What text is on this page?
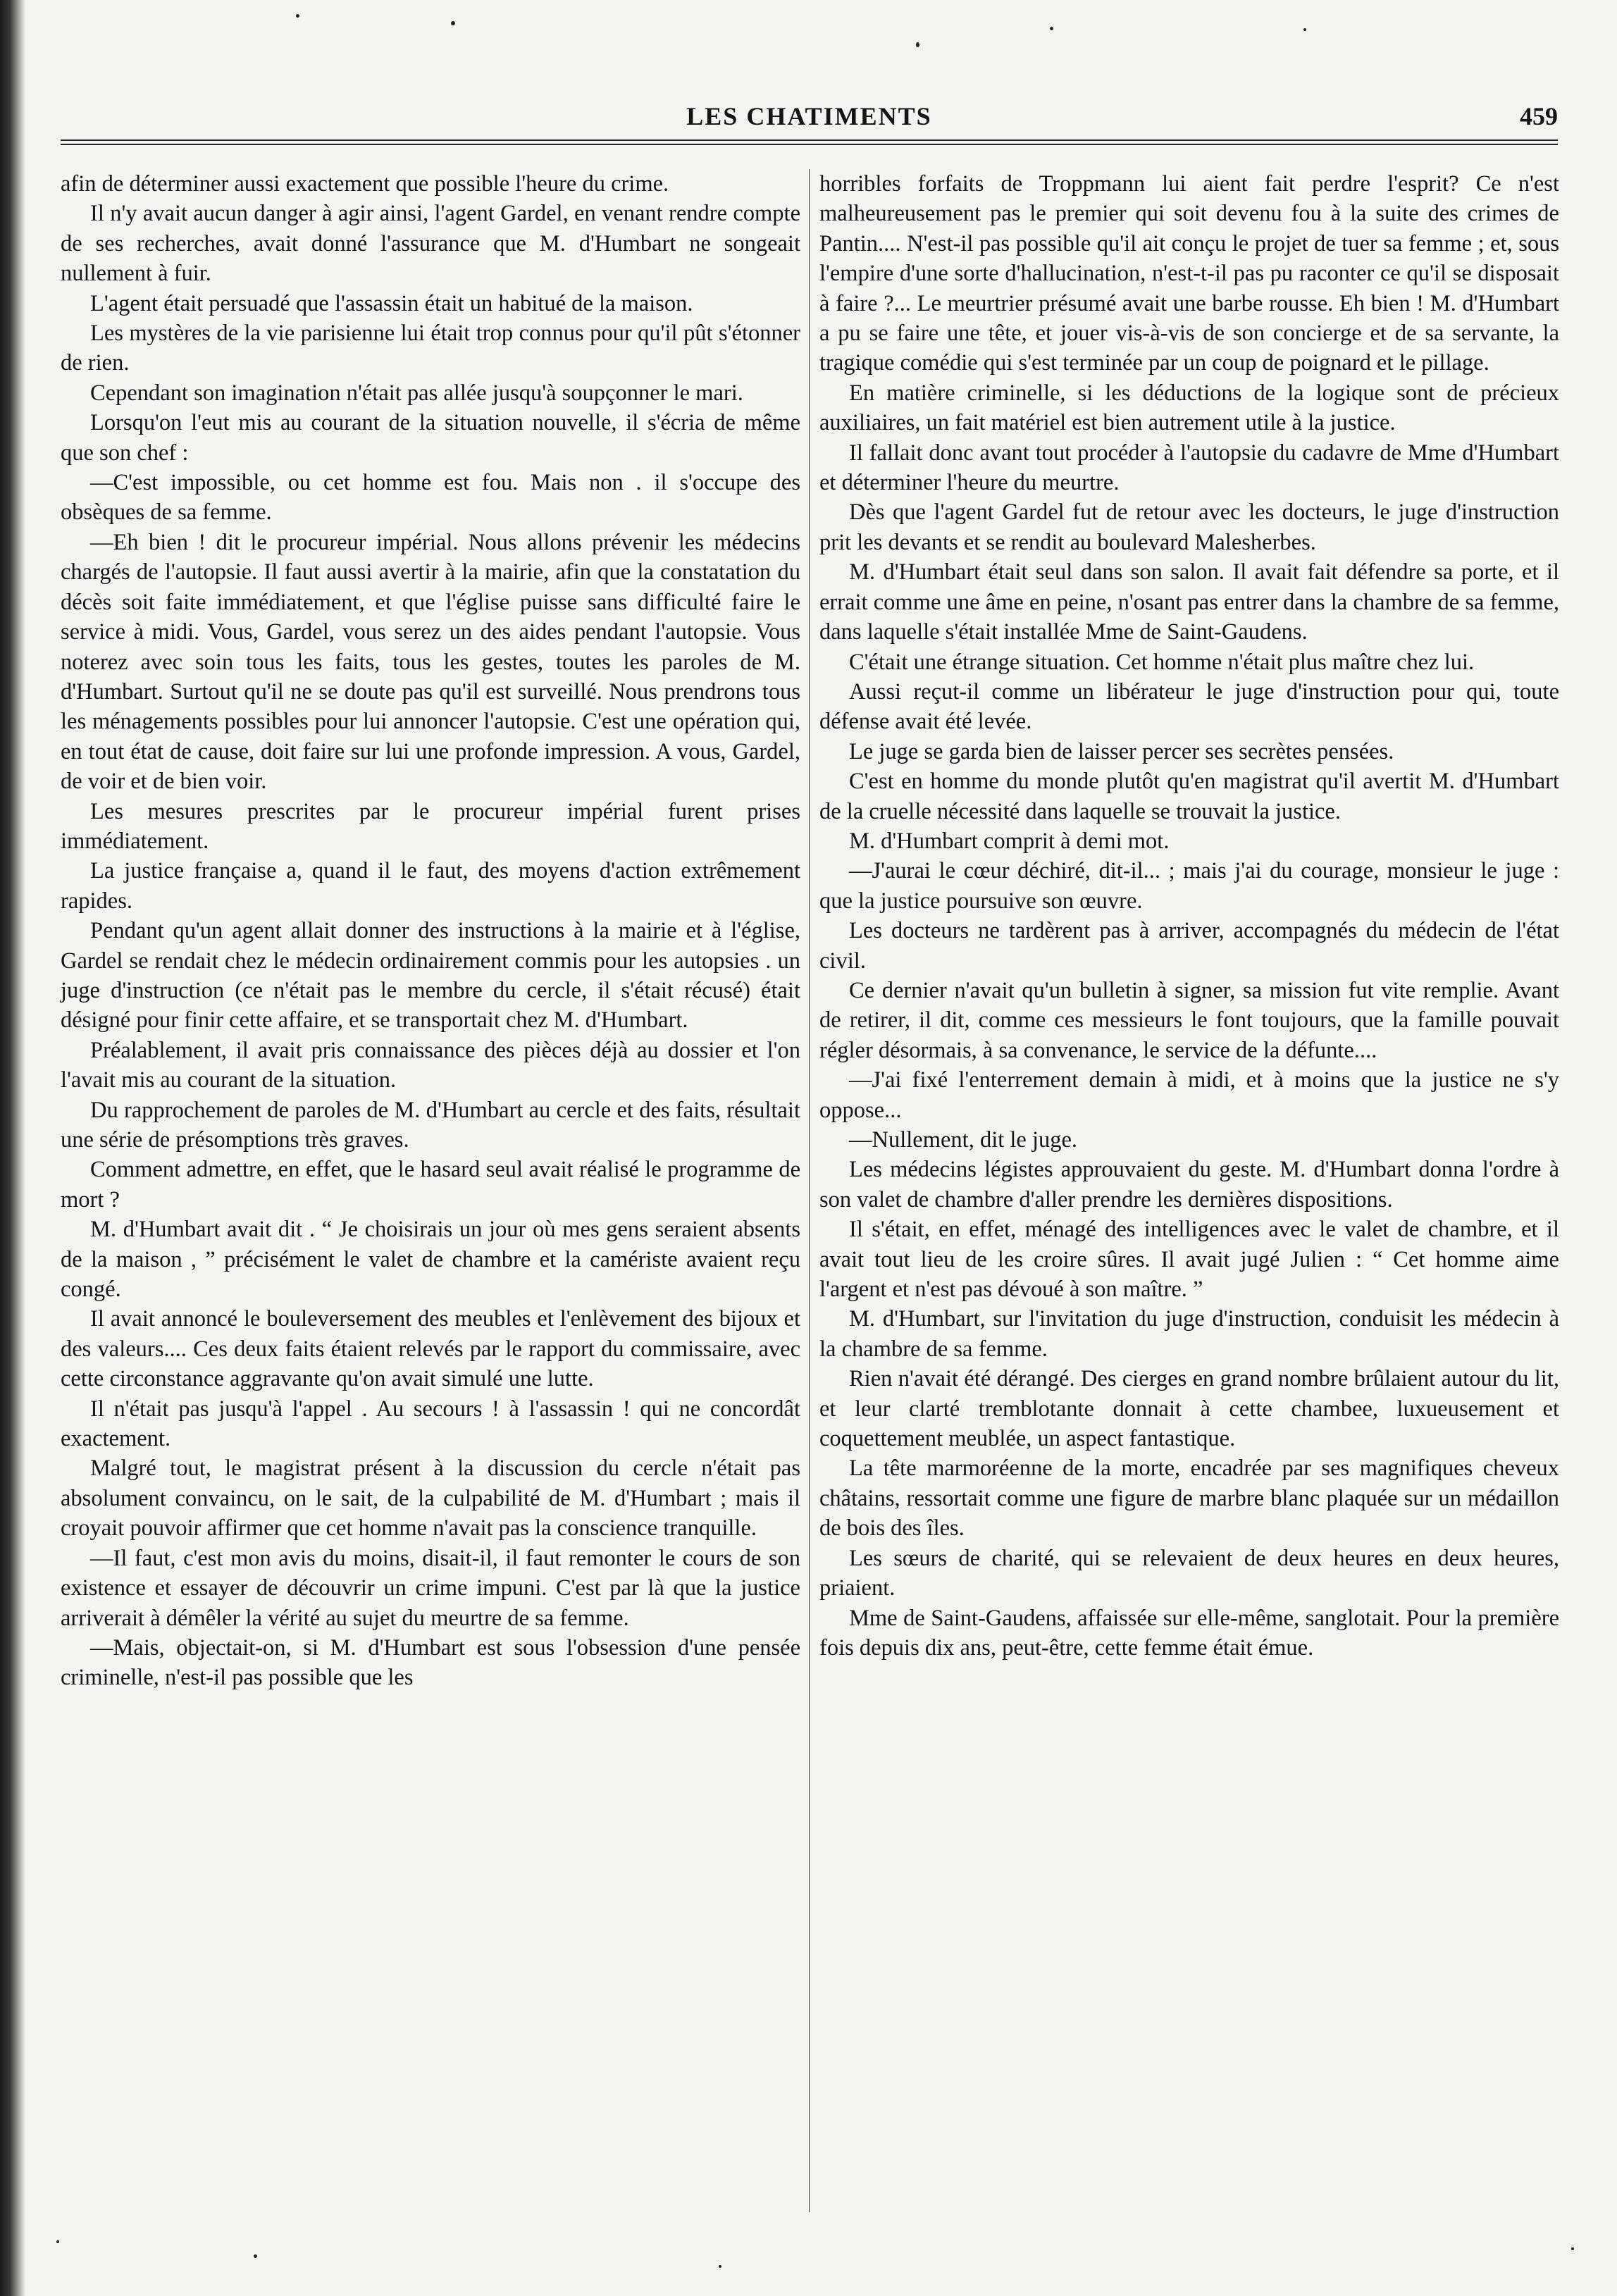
LES CHATIMENTS	459

afin de déterminer aussi exactement que possible l'heure du crime.

Il n'y avait aucun danger à agir ainsi, l'agent Gardel, en venant rendre compte de ses recherches, avait donné l'assurance que M. d'Humbart ne songeait nullement à fuir.

L'agent était persuadé que l'assassin était un habitué de la maison.

Les mystères de la vie parisienne lui était trop connus pour qu'il pût s'étonner de rien.

Cependant son imagination n'était pas allée jusqu'à soupçonner le mari.

Lorsqu'on l'eut mis au courant de la situation nouvelle, il s'écria de même que son chef :

—C'est impossible, ou cet homme est fou. Mais non . il s'occupe des obsèques de sa femme.

—Eh bien ! dit le procureur impérial. Nous allons prévenir les médecins chargés de l'autopsie. Il faut aussi avertir à la mairie, afin que la constatation du décès soit faite immédiatement, et que l'église puisse sans difficulté faire le service à midi. Vous, Gardel, vous serez un des aides pendant l'autopsie. Vous noterez avec soin tous les faits, tous les gestes, toutes les paroles de M. d'Humbart. Surtout qu'il ne se doute pas qu'il est surveillé. Nous prendrons tous les ménagements possibles pour lui annoncer l'autopsie. C'est une opération qui, en tout état de cause, doit faire sur lui une profonde impression. A vous, Gardel, de voir et de bien voir.

Les mesures prescrites par le procureur impérial furent prises immédiatement.

La justice française a, quand il le faut, des moyens d'action extrêmement rapides.

Pendant qu'un agent allait donner des instructions à la mairie et à l'église, Gardel se rendait chez le médecin ordinairement commis pour les autopsies . un juge d'instruction (ce n'était pas le membre du cercle, il s'était récusé) était désigné pour finir cette affaire, et se transportait chez M. d'Humbart.

Préalablement, il avait pris connaissance des pièces déjà au dossier et l'on l'avait mis au courant de la situation.

Du rapprochement de paroles de M. d'Humbart au cercle et des faits, résultait une série de présomptions très graves.

Comment admettre, en effet, que le hasard seul avait réalisé le programme de mort ?

M. d'Humbart avait dit . “ Je choisirais un jour où mes gens seraient absents de la maison , ” précisément le valet de chambre et la caméristе avaient reçu congé.

Il avait annoncé le bouleversement des meubles et l'enlèvement des bijoux et des valeurs.... Ces deux faits étaient relevés par le rapport du commissaire, avec cette circonstance aggravante qu'on avait simulé une lutte.

Il n'était pas jusqu'à l'appel . Au secours ! à l'assassin ! qui ne concordât exactement.

Malgré tout, le magistrat présent à la discussion du cercle n'était pas absolument convaincu, on le sait, de la culpabilité de M. d'Humbart ; mais il croyait pouvoir affirmer que cet homme n'avait pas la conscience tranquille.

—Il faut, c'est mon avis du moins, disait-il, il faut remonter le cours de son existence et essayer de découvrir un crime impuni. C'est par là que la justice arriverait à démêler la vérité au sujet du meurtre de sa femme.

—Mais, objectait-on, si M. d'Humbart est sous l'obsession d'une pensée criminelle, n'est-il pas possible que les

horribles forfaits de Troppmann lui aient fait perdre l'esprit? Ce n'est malheureusement pas le premier qui soit devenu fou à la suite des crimes de Pantin.... N'est-il pas possible qu'il ait conçu le projet de tuer sa femme ; et, sous l'empire d'une sorte d'hallucination, n'est-t-il pas pu raconter ce qu'il se disposait à faire ?... Le meurtrier présumé avait une barbe rousse. Eh bien ! M. d'Humbart a pu se faire une tête, et jouer vis-à-vis de son concierge et de sa servante, la tragique comédie qui s'est terminée par un coup de poignard et le pillage.

En matière criminelle, si les déductions de la logique sont de précieux auxiliaires, un fait matériel est bien autrement utile à la justice.

Il fallait donc avant tout procéder à l'autopsie du cadavre de Mme d'Humbart et déterminer l'heure du meurtre.

Dès que l'agent Gardel fut de retour avec les docteurs, le juge d'instruction prit les devants et se rendit au boulevard Malesherbes.

M. d'Humbart était seul dans son salon. Il avait fait défendre sa porte, et il errait comme une âme en peine, n'osant pas entrer dans la chambre de sa femme, dans laquelle s'était installée Mme de Saint-Gaudens.

C'était une étrange situation. Cet homme n'était plus maître chez lui.

Aussi reçut-il comme un libérateur le juge d'instruction pour qui, toute défense avait été levée.

Le juge se garda bien de laisser percer ses secrètes pensées.

C'est en homme du monde plutôt qu'en magistrat qu'il avertit M. d'Humbart de la cruelle nécessité dans laquelle se trouvait la justice.

M. d'Humbart comprit à demi mot.

—J'aurai le cœur déchiré, dit-il... ; mais j'ai du courage, monsieur le juge : que la justice poursuive son œuvre.

Les docteurs ne tardèrent pas à arriver, accompagnés du médecin de l'état civil.

Ce dernier n'avait qu'un bulletin à signer, sa mission fut vite remplie. Avant de retirer, il dit, comme ces messieurs le font toujours, que la famille pouvait régler désormais, à sa convenance, le service de la défunte....

—J'ai fixé l'enterrement demain à midi, et à moins que la justice ne s'y oppose...

—Nullement, dit le juge.

Les médecins légistes approuvaient du geste. M. d'Humbart donna l'ordre à son valet de chambre d'aller prendre les dernières dispositions.

Il s'était, en effet, ménagé des intelligences avec le valet de chambre, et il avait tout lieu de les croire sûres. Il avait jugé Julien : “ Cet homme aime l'argent et n'est pas dévoué à son maître. ”

M. d'Humbart, sur l'invitation du juge d'instruction, conduisit les médecin à la chambre de sa femme.

Rien n'avait été dérangé. Des cierges en grand nombre brûlaient autour du lit, et leur clarté tremblotante donnait à cette chambee, luxueusement et coquettement meublée, un aspect fantastique.

La tête marmoréenne de la morte, encadrée par ses magnifiques cheveux châtains, ressortait comme une figure de marbre blanc plaquée sur un médaillon de bois des îles.

Les sœurs de charité, qui se relevaient de deux heures en deux heures, priaient.

Mme de Saint-Gaudens, affaissée sur elle-même, sanglotait. Pour la première fois depuis dix ans, peut-être, cette femme était émue.
